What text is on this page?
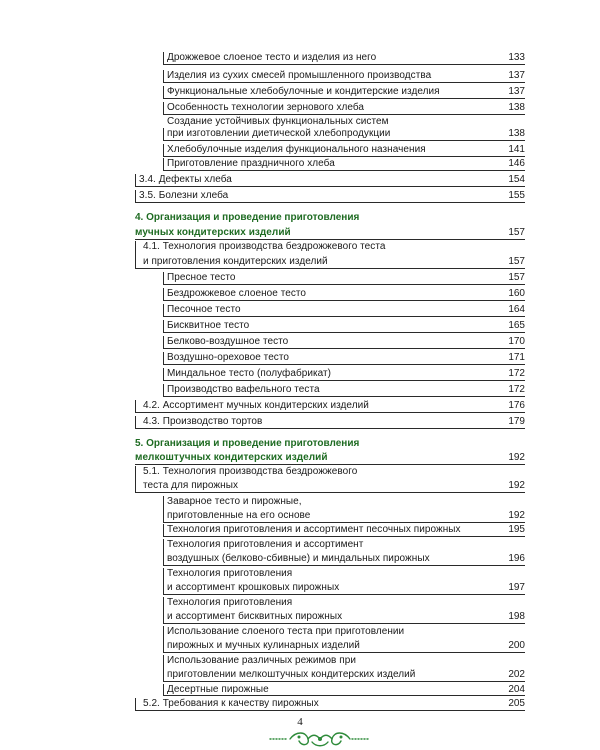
Дрожжевое слоеное тесто и изделия из него	133
Изделия из сухих смесей промышленного производства	137
Функциональные хлебобулочные и кондитерские изделия	137
Особенность технологии зернового хлеба	138
Создание устойчивых функциональных систем
при изготовлении диетической хлебопродукции	138
Хлебобулочные изделия функционального назначения	141
Приготовление праздничного хлеба	146
3.4. Дефекты хлеба	154
3.5. Болезни хлеба	155
4. Организация и проведение приготовления
мучных кондитерских изделий	157
4.1. Технология производства бездрожжевого теста
и приготовления кондитерских изделий	157
Пресное тесто	157
Бездрожжевое слоеное тесто	160
Песочное тесто	164
Бисквитное тесто	165
Белково-воздушное тесто	170
Воздушно-ореховое тесто	171
Миндальное тесто (полуфабрикат)	172
Производство вафельного теста	172
4.2. Ассортимент мучных кондитерских изделий	176
4.3. Производство тортов	179
5. Организация и проведение приготовления
мелкоштучных кондитерских изделий	192
5.1. Технология производства бездрожжевого
теста для пирожных	192
Заварное тесто и пирожные,
приготовленные на его основе	192
Технология приготовления и ассортимент песочных пирожных	195
Технология приготовления и ассортимент
воздушных (белково-сбивные) и миндальных пирожных	196
Технология приготовления
и ассортимент крошковых пирожных	197
Технология приготовления
и ассортимент бисквитных пирожных	198
Использование слоеного теста при приготовлении
пирожных и мучных кулинарных изделий	200
Использование различных режимов при
приготовлении мелкоштучных кондитерских изделий	202
Десертные пирожные	204
5.2. Требования к качеству пирожных	205
4
